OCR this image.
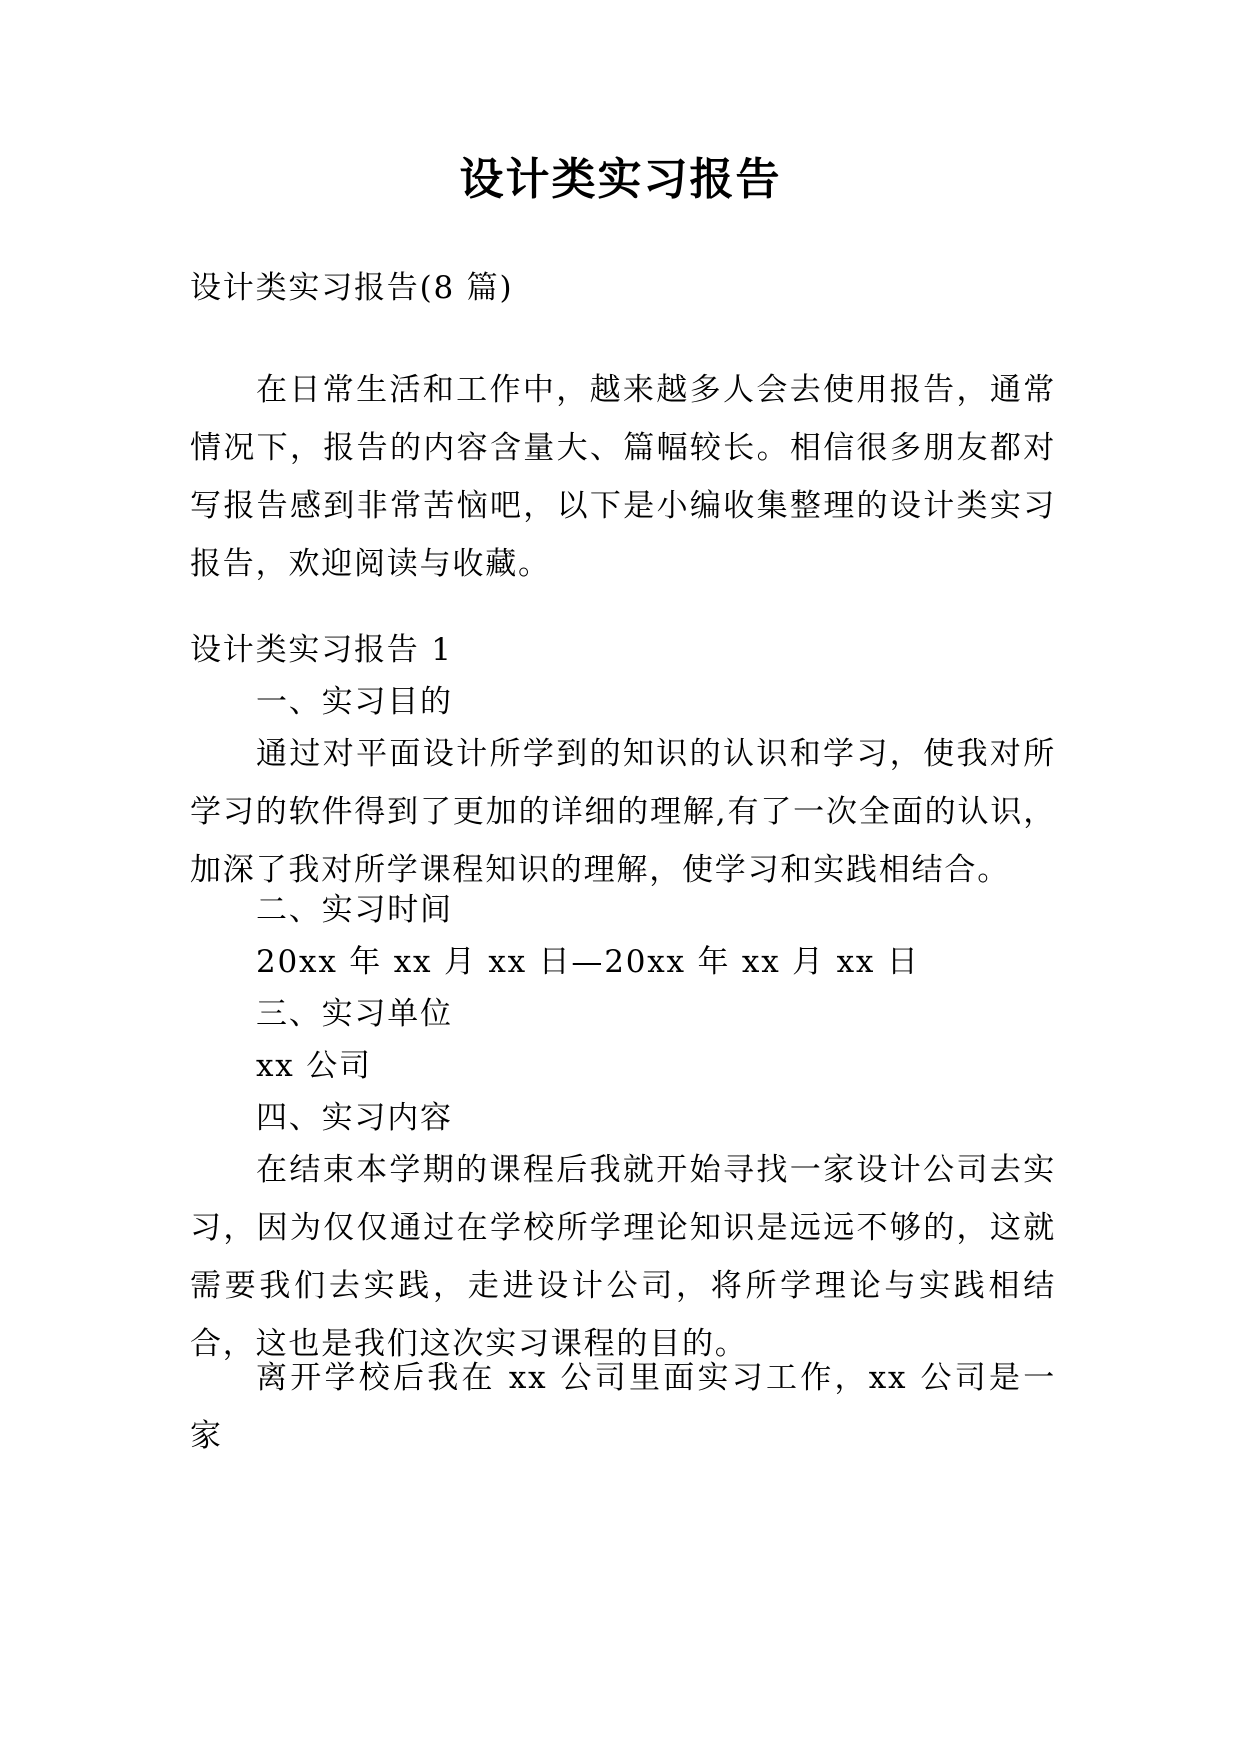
设计类实习报告

设计类实习报告(8 篇)

在日常生活和工作中，越来越多人会去使用报告，通常情况下，报告的内容含量大、篇幅较长。相信很多朋友都对写报告感到非常苦恼吧，以下是小编收集整理的设计类实习报告，欢迎阅读与收藏。

设计类实习报告 1

一、实习目的

通过对平面设计所学到的知识的认识和学习，使我对所学习的软件得到了更加的详细的理解,有了一次全面的认识，加深了我对所学课程知识的理解，使学习和实践相结合。

二、实习时间
20xx 年 xx 月 xx 日—20xx 年 xx 月 xx 日
三、实习单位
xx 公司
四、实习内容

在结束本学期的课程后我就开始寻找一家设计公司去实习，因为仅仅通过在学校所学理论知识是远远不够的，这就需要我们去实践，走进设计公司，将所学理论与实践相结合，这也是我们这次实习课程的目的。

离开学校后我在 xx 公司里面实习工作，xx 公司是一家
